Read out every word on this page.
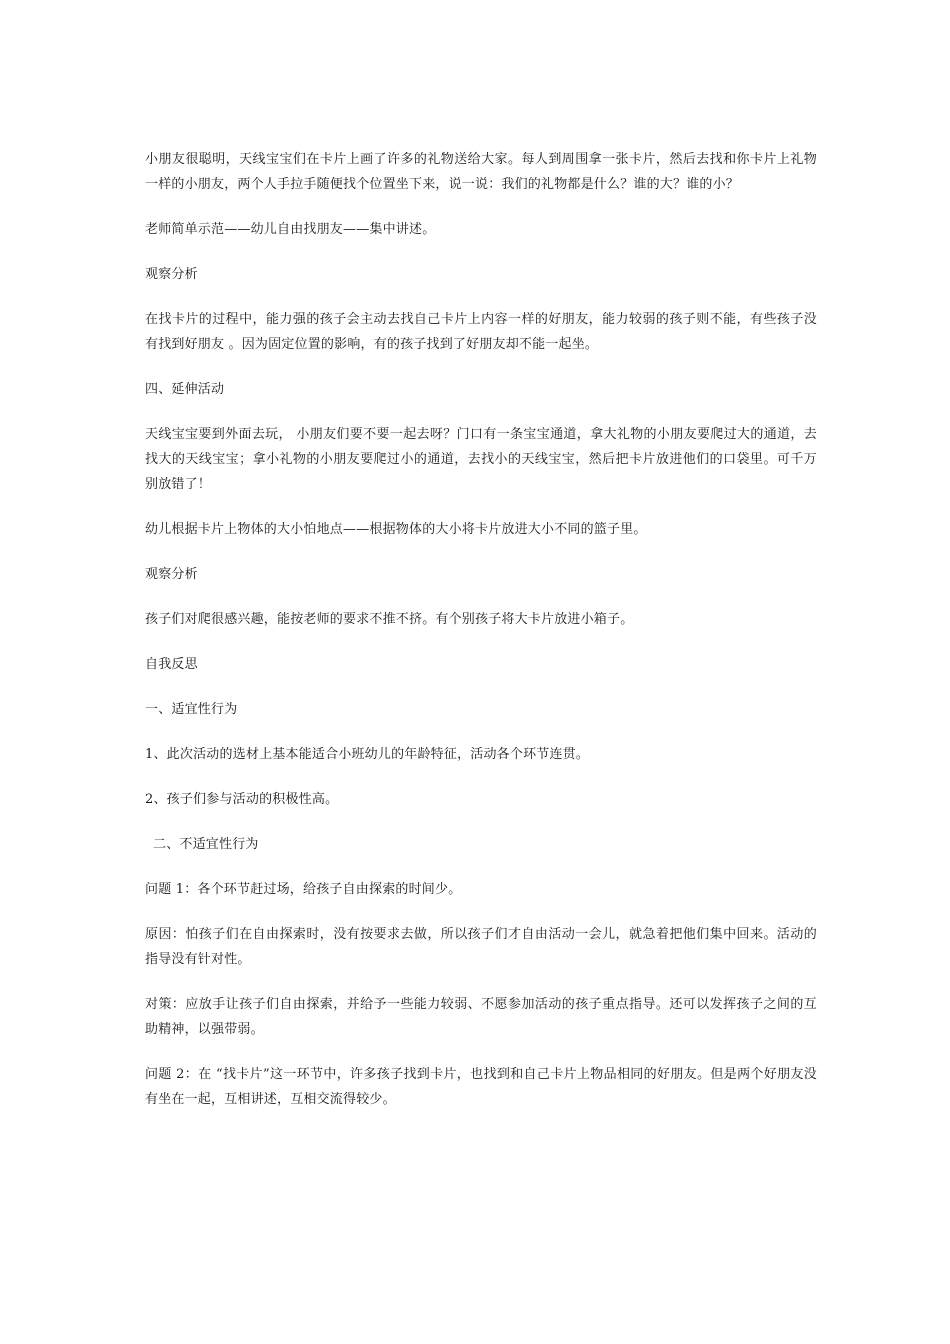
小朋友很聪明，天线宝宝们在卡片上画了许多的礼物送给大家。每人到周围拿一张卡片，然后去找和你卡片上礼物一样的小朋友，两个人手拉手随便找个位置坐下来，说一说：我们的礼物都是什么？谁的大？谁的小？

老师简单示范——幼儿自由找朋友——集中讲述。

观察分析

在找卡片的过程中，能力强的孩子会主动去找自己卡片上内容一样的好朋友，能力较弱的孩子则不能，有些孩子没有找到好朋友 。因为固定位置的影响，有的孩子找到了好朋友却不能一起坐。

四、延伸活动

天线宝宝要到外面去玩， 小朋友们要不要一起去呀？门口有一条宝宝通道，拿大礼物的小朋友要爬过大的通道，去找大的天线宝宝；拿小礼物的小朋友要爬过小的通道，去找小的天线宝宝，然后把卡片放进他们的口袋里。可千万别放错了！

幼儿根据卡片上物体的大小怕地点——根据物体的大小将卡片放进大小不同的篮子里。

观察分析

孩子们对爬很感兴趣，能按老师的要求不推不挤。有个别孩子将大卡片放进小箱子。

自我反思

一、适宜性行为

1、此次活动的选材上基本能适合小班幼儿的年龄特征，活动各个环节连贯。

2、孩子们参与活动的积极性高。

二、不适宜性行为

问题 1：各个环节赶过场，给孩子自由探索的时间少。

原因：怕孩子们在自由探索时，没有按要求去做，所以孩子们才自由活动一会儿，就急着把他们集中回来。活动的指导没有针对性。

对策：应放手让孩子们自由探索，并给予一些能力较弱、不愿参加活动的孩子重点指导。还可以发挥孩子之间的互助精神，以强带弱。

问题 2：在 “找卡片”这一环节中，许多孩子找到卡片，也找到和自己卡片上物品相同的好朋友。但是两个好朋友没有坐在一起，互相讲述，互相交流得较少。
